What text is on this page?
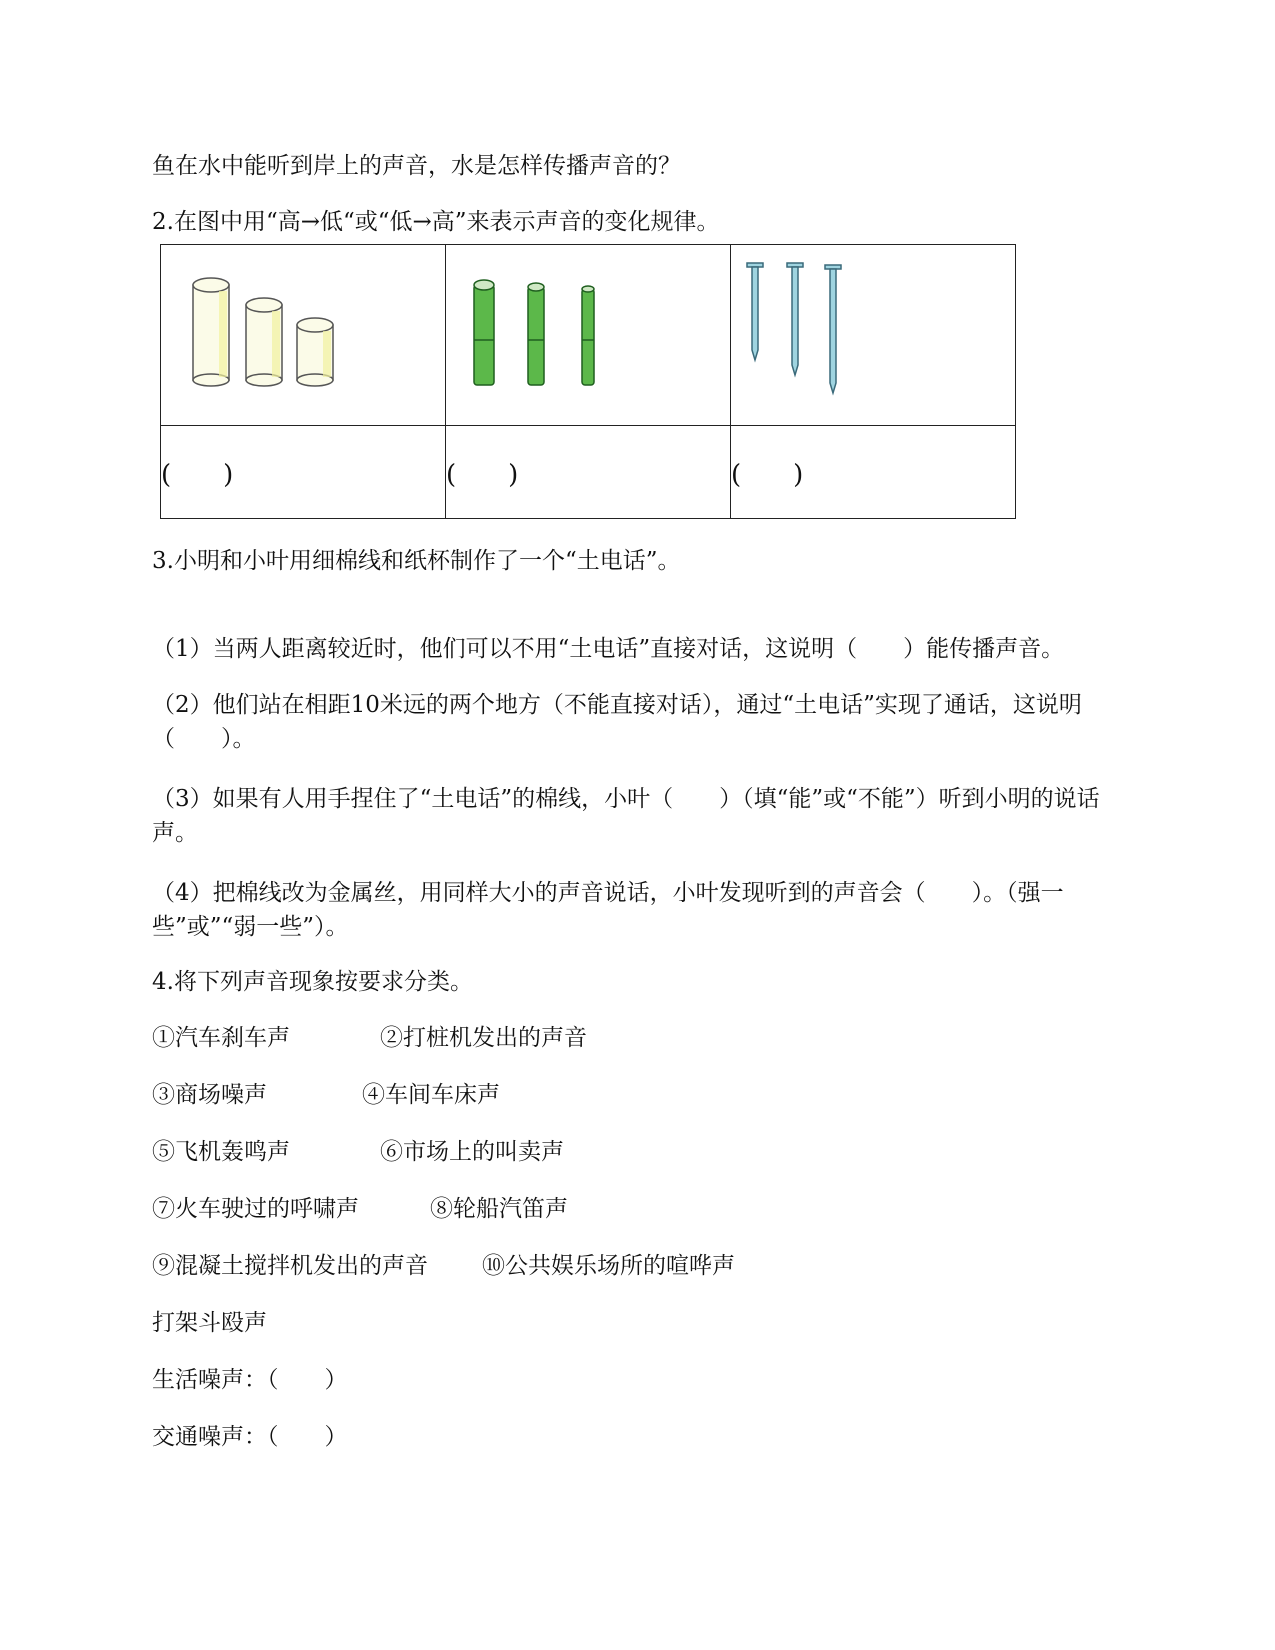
鱼在水中能听到岸上的声音，水是怎样传播声音的？
2.在图中用“高→低“或“低→高”来表示声音的变化规律。

(　　)	(　　)	(　　)
3.小明和小叶用细棉线和纸杯制作了一个“土电话”。
（1）当两人距离较近时，他们可以不用“土电话”直接对话，这说明（　　）能传播声音。
（2）他们站在相距10米远的两个地方（不能直接对话），通过“土电话”实现了通话，这说明（　　）。
（3）如果有人用手捏住了“土电话”的棉线，小叶（　　）（填“能”或“不能”）听到小明的说话声。
（4）把棉线改为金属丝，用同样大小的声音说话，小叶发现听到的声音会（　　）。（强一些”或”“弱一些”）。
4.将下列声音现象按要求分类。
①汽车刹车声	②打桩机发出的声音
③商场噪声	④车间车床声
⑤飞机轰鸣声	⑥市场上的叫卖声
⑦火车驶过的呼啸声	⑧轮船汽笛声
⑨混凝土搅拌机发出的声音 ⑩公共娱乐场所的喧哗声
打架斗殴声
生活噪声：（　　）
交通噪声：（　　）
